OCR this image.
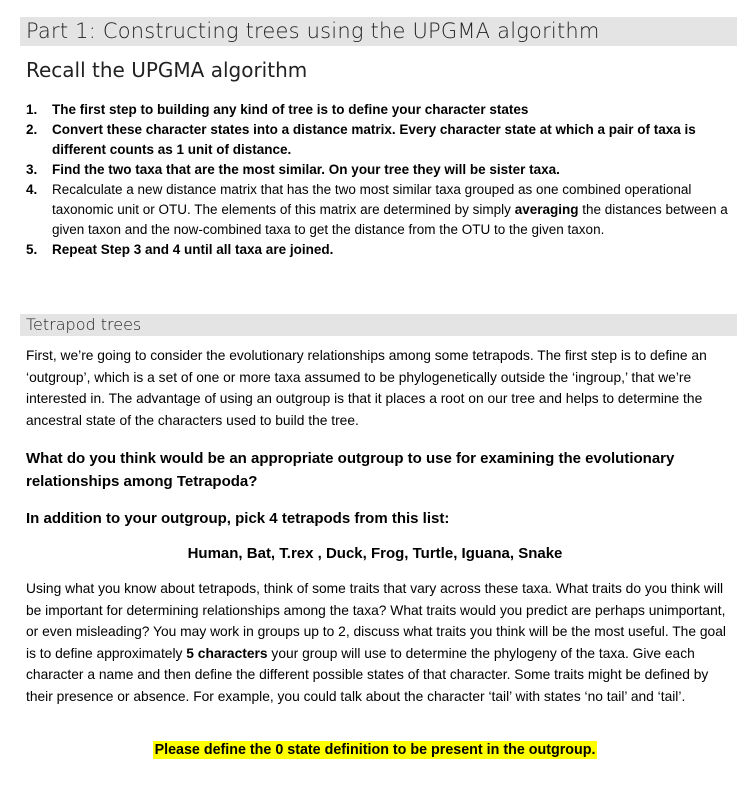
Part 1: Constructing trees using the UPGMA algorithm
Recall the UPGMA algorithm
1. The first step to building any kind of tree is to define your character states
2. Convert these character states into a distance matrix. Every character state at which a pair of taxa is different counts as 1 unit of distance.
3. Find the two taxa that are the most similar. On your tree they will be sister taxa.
4. Recalculate a new distance matrix that has the two most similar taxa grouped as one combined operational taxonomic unit or OTU. The elements of this matrix are determined by simply averaging the distances between a given taxon and the now-combined taxa to get the distance from the OTU to the given taxon.
5. Repeat Step 3 and 4 until all taxa are joined.
Tetrapod trees

First, we’re going to consider the evolutionary relationships among some tetrapods. The first step is to define an ‘outgroup’, which is a set of one or more taxa assumed to be phylogenetically outside the ‘ingroup,’ that we’re interested in. The advantage of using an outgroup is that it places a root on our tree and helps to determine the ancestral state of the characters used to build the tree.

What do you think would be an appropriate outgroup to use for examining the evolutionary relationships among Tetrapoda?

In addition to your outgroup, pick 4 tetrapods from this list:

Human, Bat, T.rex , Duck, Frog, Turtle, Iguana, Snake

Using what you know about tetrapods, think of some traits that vary across these taxa. What traits do you think will be important for determining relationships among the taxa? What traits would you predict are perhaps unimportant, or even misleading? You may work in groups up to 2, discuss what traits you think will be the most useful. The goal is to define approximately 5 characters your group will use to determine the phylogeny of the taxa. Give each character a name and then define the different possible states of that character. Some traits might be defined by their presence or absence. For example, you could talk about the character ‘tail’ with states ‘no tail’ and ‘tail’.

Please define the 0 state definition to be present in the outgroup.
